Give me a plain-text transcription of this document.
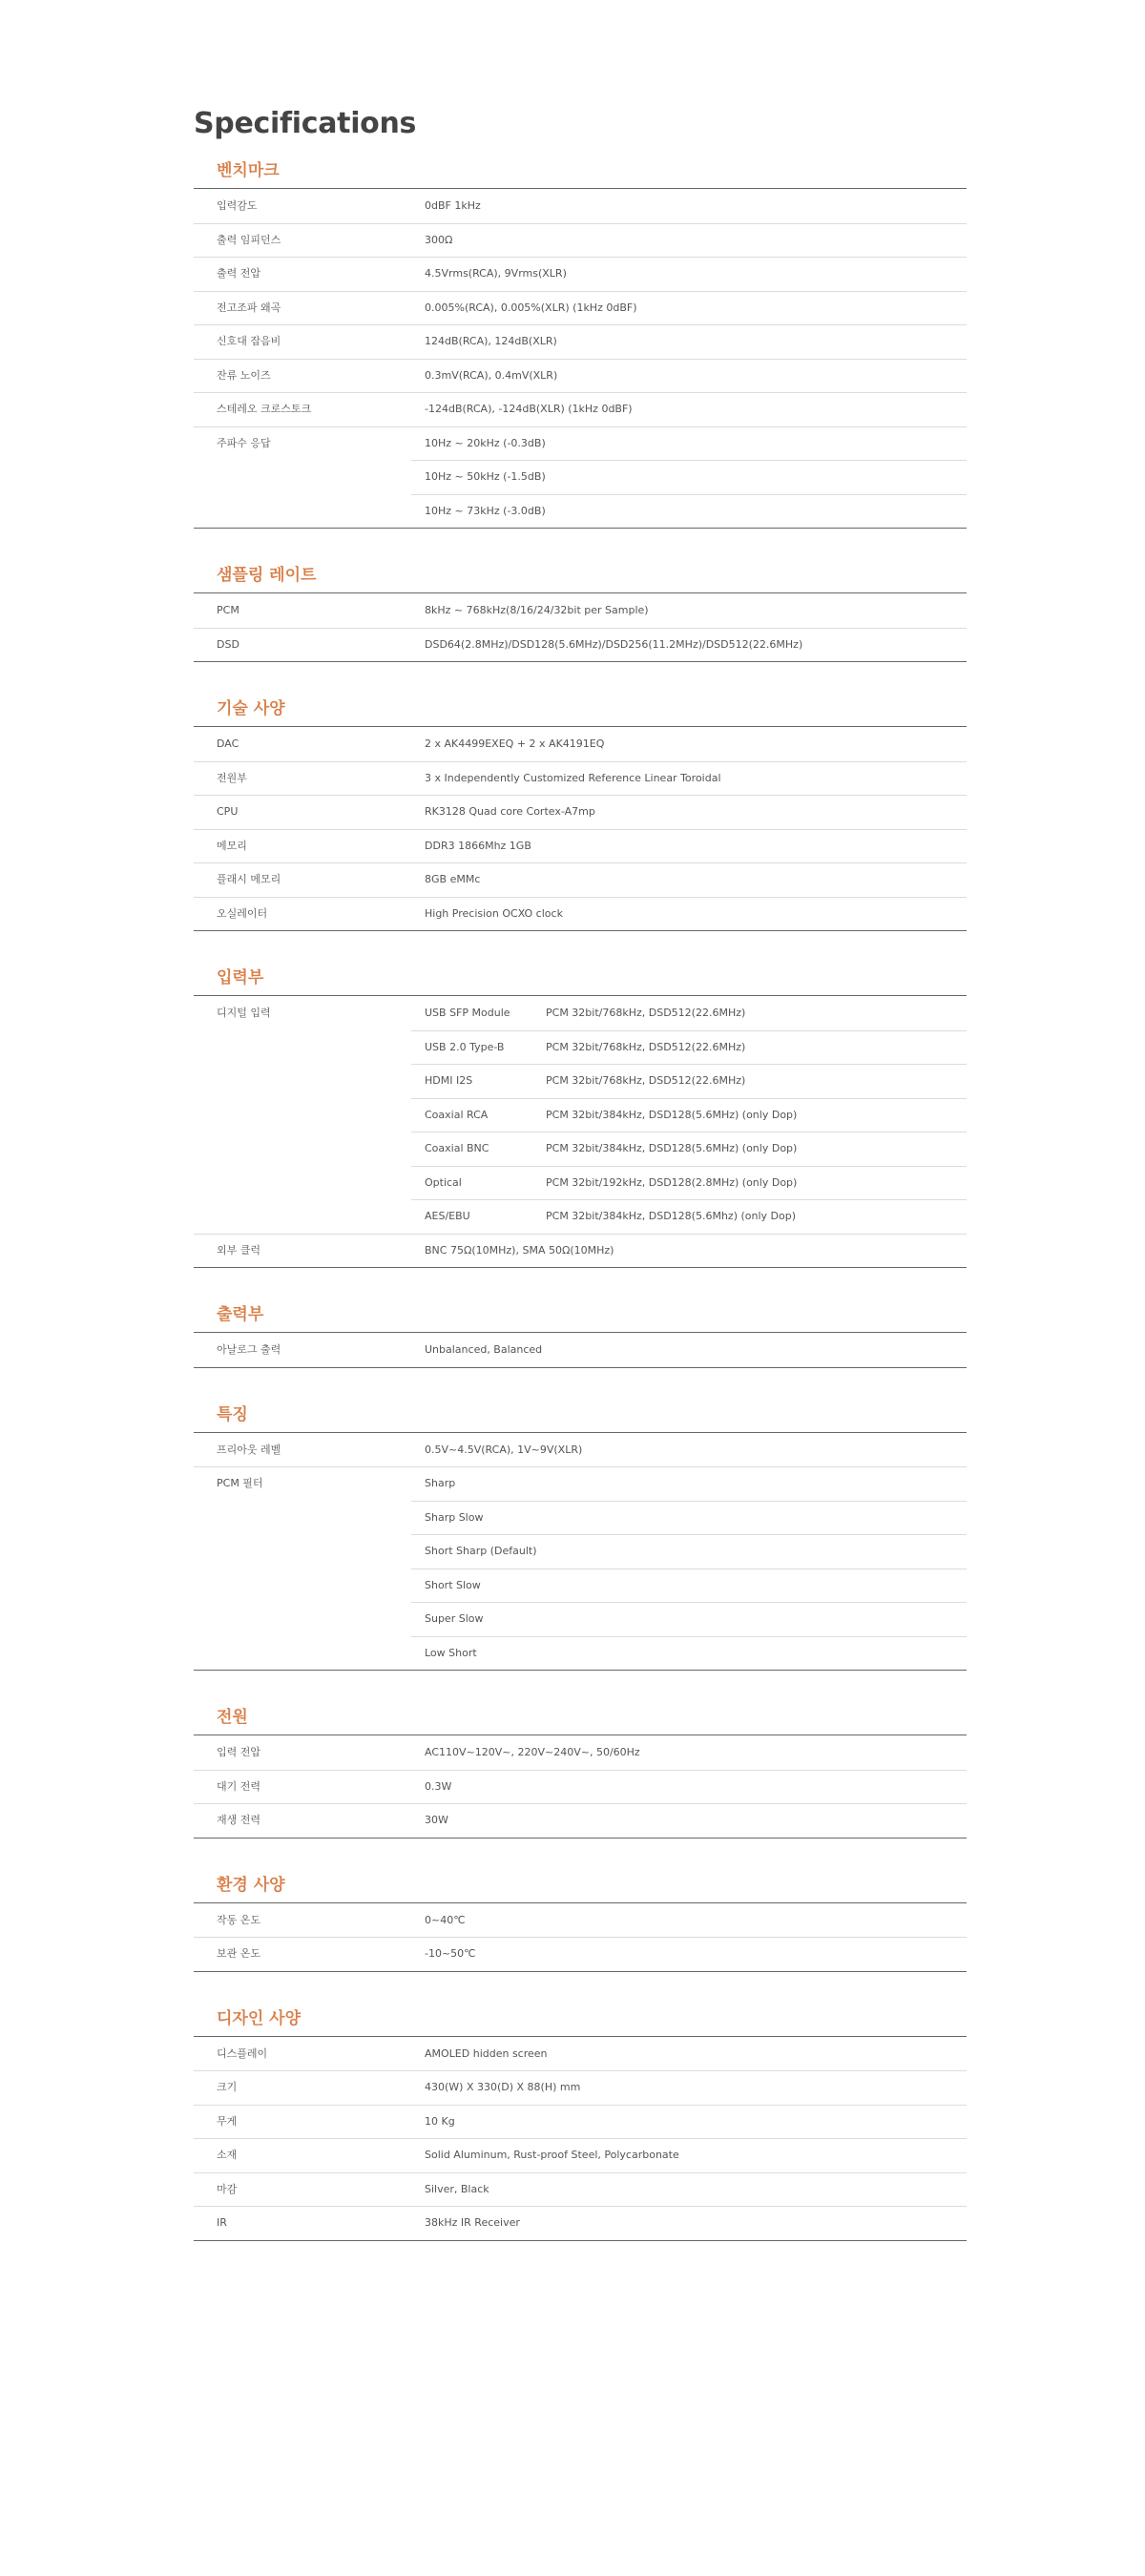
Specifications
벤치마크
입력감도	0dBF 1kHz
출력 임피던스	300Ω
출력 전압	4.5Vrms(RCA), 9Vrms(XLR)
전고조파 왜곡	0.005%(RCA), 0.005%(XLR) (1kHz 0dBF)
신호대 잡음비	124dB(RCA), 124dB(XLR)
잔류 노이즈	0.3mV(RCA), 0.4mV(XLR)
스테레오 크로스토크	-124dB(RCA), -124dB(XLR) (1kHz 0dBF)
주파수 응답	10Hz ~ 20kHz (-0.3dB)
10Hz ~ 50kHz (-1.5dB)
10Hz ~ 73kHz (-3.0dB)
샘플링 레이트
PCM	8kHz ~ 768kHz(8/16/24/32bit per Sample)
DSD	DSD64(2.8MHz)/DSD128(5.6MHz)/DSD256(11.2MHz)/DSD512(22.6MHz)
기술 사양
DAC	2 x AK4499EXEQ + 2 x AK4191EQ
전원부	3 x Independently Customized Reference Linear Toroidal
CPU	RK3128 Quad core Cortex-A7mp
메모리	DDR3 1866Mhz 1GB
플래시 메모리	8GB eMMc
오실레이터	High Precision OCXO clock
입력부
디지털 입력	USB SFP Module	PCM 32bit/768kHz, DSD512(22.6MHz)
USB 2.0 Type-B	PCM 32bit/768kHz, DSD512(22.6MHz)
HDMI I2S	PCM 32bit/768kHz, DSD512(22.6MHz)
Coaxial RCA	PCM 32bit/384kHz, DSD128(5.6MHz) (only Dop)
Coaxial BNC	PCM 32bit/384kHz, DSD128(5.6MHz) (only Dop)
Optical	PCM 32bit/192kHz, DSD128(2.8MHz) (only Dop)
AES/EBU	PCM 32bit/384kHz, DSD128(5.6Mhz) (only Dop)
외부 클럭	BNC 75Ω(10MHz), SMA 50Ω(10MHz)
출력부
아날로그 출력	Unbalanced, Balanced
특징
프리아웃 레벨	0.5V~4.5V(RCA), 1V~9V(XLR)
PCM 필터	Sharp
Sharp Slow
Short Sharp (Default)
Short Slow
Super Slow
Low Short
전원
입력 전압	AC110V~120V~, 220V~240V~, 50/60Hz
대기 전력	0.3W
재생 전력	30W
환경 사양
작동 온도	0~40℃
보관 온도	-10~50℃
디자인 사양
디스플레이	AMOLED hidden screen
크기	430(W) X 330(D) X 88(H) mm
무게	10 Kg
소재	Solid Aluminum, Rust-proof Steel, Polycarbonate
마감	Silver, Black
IR	38kHz IR Receiver
